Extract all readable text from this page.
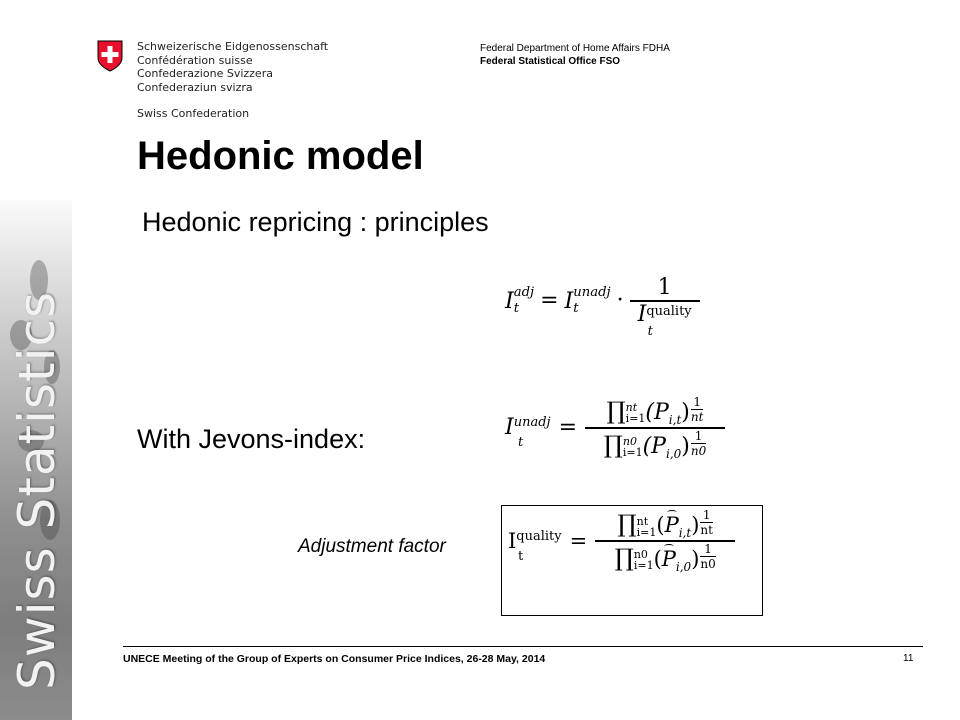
Swiss Statistics
Schweizerische Eidgenossenschaft
Confédération suisse
Confederazione Svizzera
Confederaziun svizra
Swiss Confederation
Federal Department of Home Affairs FDHA
Federal Statistical Office FSO
Hedonic model
Hedonic repricing : principles
$I^{adj}$
$t = I^{unadj}$
t · 1
$I^{quality}$
t
With Jevons-index:	$I^{unadj}$
t
= ∏ nt
i=1 $(P_{i,t}) \frac{1}{nt}$
∏ n0
i=1 $(P_{i,0}) \frac{1}{n0}$
Adjustment factor	$I^{quality}$
t
= ∏ nt
i=1 $(P_{i,t}) \frac{1}{nt}$
∏ n0
i=1 $(P_{i,0}) \frac{1}{n0}$
UNECE Meeting of the Group of Experts on Consumer Price Indices, 26-28 May, 2014	11
